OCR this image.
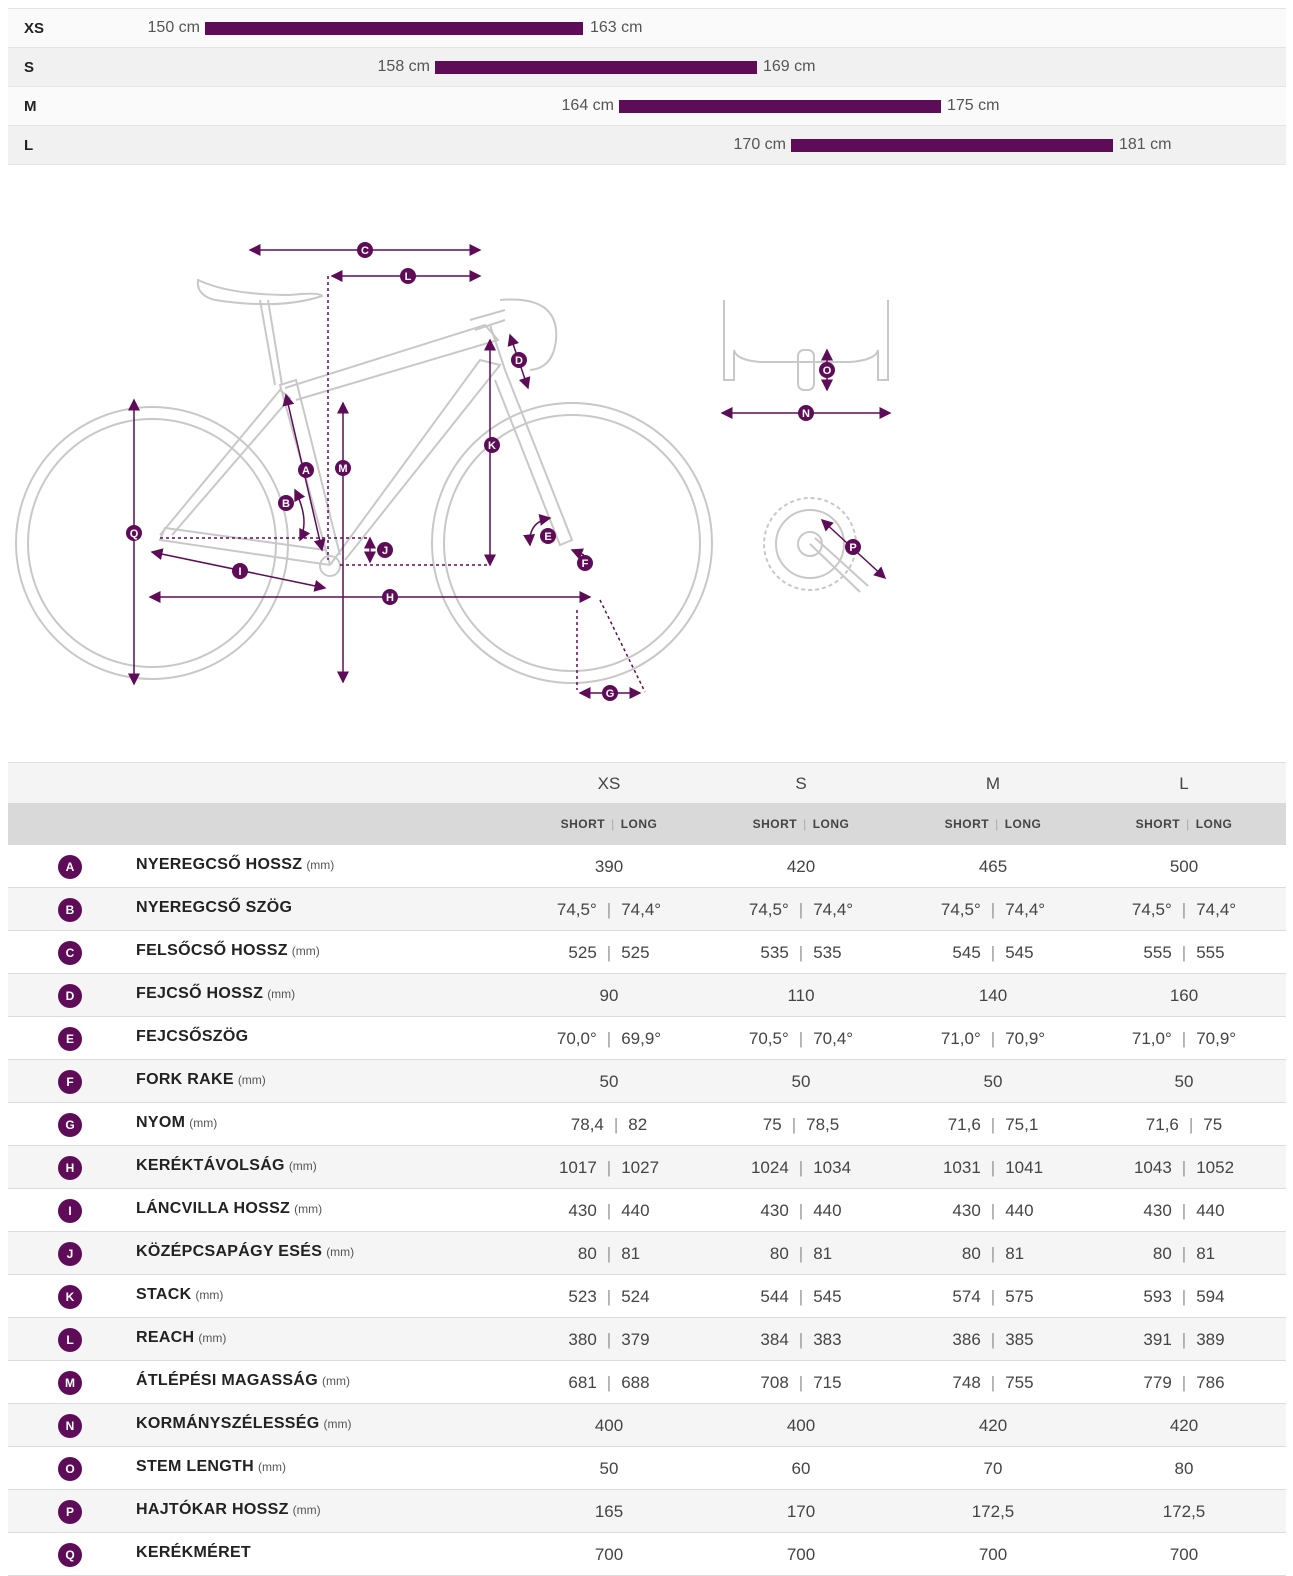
XS	150 cm	163 cm
S	158 cm	169 cm
M	164 cm	175 cm
L	170 cm	181 cm
C
L
D
K
M
A
B
J
Q
I
H
E
F
G
O
N
P
XS	S	M	L
SHORT | LONG	SHORT | LONG	SHORT | LONG	SHORT | LONG
A	NYEREGCSŐ HOSSZ (mm)	390	420	465	500
B	NYEREGCSŐ SZÖG	74,5° | 74,4°	74,5° | 74,4°	74,5° | 74,4°	74,5° | 74,4°
C	FELSŐCSŐ HOSSZ (mm)	525 | 525	535 | 535	545 | 545	555 | 555
D	FEJCSŐ HOSSZ (mm)	90	110	140	160
E	FEJCSŐSZÖG	70,0° | 69,9°	70,5° | 70,4°	71,0° | 70,9°	71,0° | 70,9°
F	FORK RAKE (mm)	50	50	50	50
G	NYOM (mm)	78,4 | 82	75 | 78,5	71,6 | 75,1	71,6 | 75
H	KERÉKTÁVOLSÁG (mm)	1017 | 1027	1024 | 1034	1031 | 1041	1043 | 1052
I	LÁNCVILLA HOSSZ (mm)	430 | 440	430 | 440	430 | 440	430 | 440
J	KÖZÉPCSAPÁGY ESÉS (mm)	80 | 81	80 | 81	80 | 81	80 | 81
K	STACK (mm)	523 | 524	544 | 545	574 | 575	593 | 594
L	REACH (mm)	380 | 379	384 | 383	386 | 385	391 | 389
M	ÁTLÉPÉSI MAGASSÁG (mm)	681 | 688	708 | 715	748 | 755	779 | 786
N	KORMÁNYSZÉLESSÉG (mm)	400	400	420	420
O	STEM LENGTH (mm)	50	60	70	80
P	HAJTÓKAR HOSSZ (mm)	165	170	172,5	172,5
Q	KERÉKMÉRET	700	700	700	700
